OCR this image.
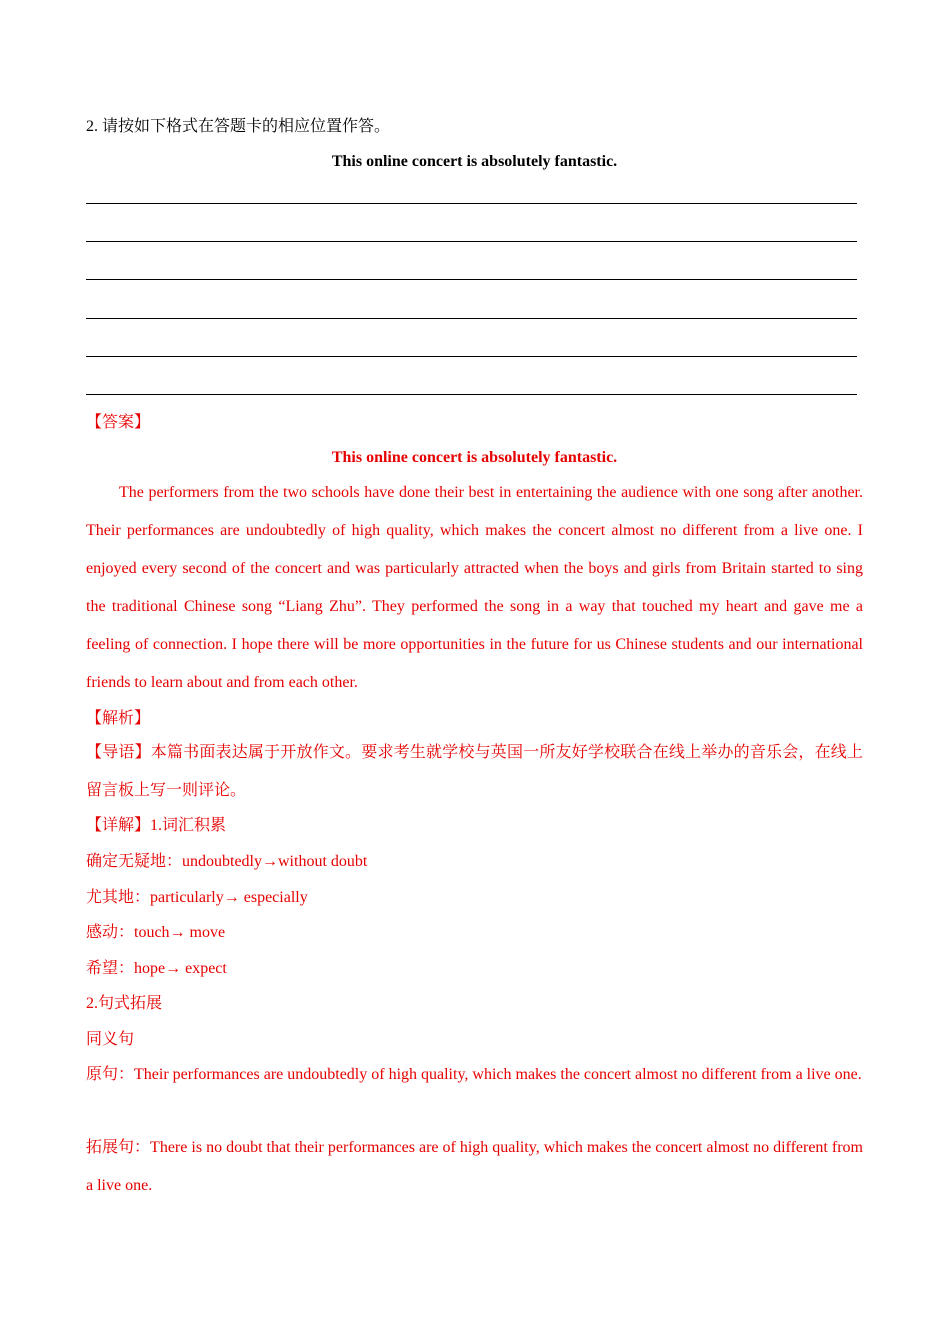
2. 请按如下格式在答题卡的相应位置作答。
This online concert is absolutely fantastic.
【答案】
This online concert is absolutely fantastic.

The performers from the two schools have done their best in entertaining the audience with one song after another. Their performances are undoubtedly of high quality, which makes the concert almost no different from a live one. I enjoyed every second of the concert and was particularly attracted when the boys and girls from Britain started to sing the traditional Chinese song “Liang Zhu”. They performed the song in a way that touched my heart and gave me a feeling of connection. I hope there will be more opportunities in the future for us Chinese students and our international friends to learn about and from each other.

【解析】

【导语】本篇书面表达属于开放作文。要求考生就学校与英国一所友好学校联合在线上举办的音乐会，在线上留言板上写一则评论。

【详解】1.词汇积累
确定无疑地：undoubtedly→without doubt
尤其地：particularly→ especially
感动：touch→ move
希望：hope→ expect
2.句式拓展
同义句

原句：Their performances are undoubtedly of high quality, which makes the concert almost no different from a live one.

拓展句：There is no doubt that their performances are of high quality, which makes the concert almost no different from a live one.
